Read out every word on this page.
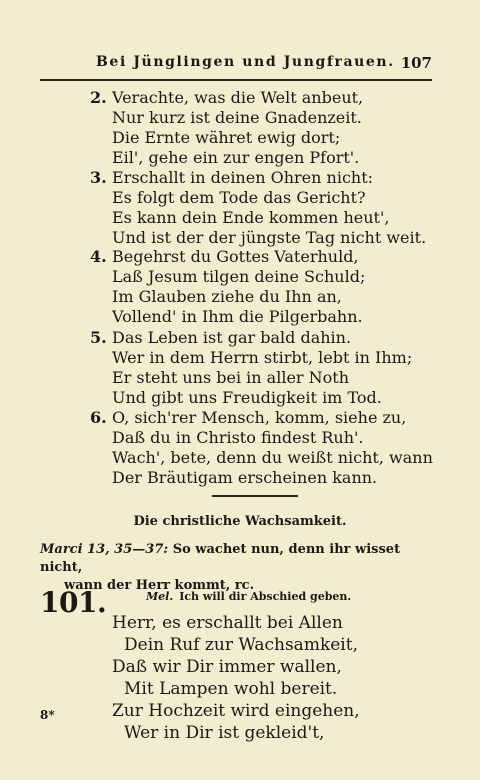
Bei Jünglingen und Jungfrauen. 107
2. Verachte, was die Welt anbeut,
Nur kurz ist deine Gnadenzeit.
Die Ernte währet ewig dort;
Eil', gehe ein zur engen Pfort'.
3. Erschallt in deinen Ohren nicht:
Es folgt dem Tode das Gericht?
Es kann dein Ende kommen heut',
Und ist der der jüngste Tag nicht weit.
4. Begehrst du Gottes Vaterhuld,
Laß Jesum tilgen deine Schuld;
Im Glauben ziehe du Ihn an,
Vollend' in Ihm die Pilgerbahn.
5. Das Leben ist gar bald dahin.
Wer in dem Herrn stirbt, lebt in Ihm;
Er steht uns bei in aller Noth
Und gibt uns Freudigkeit im Tod.
6. O, sich'rer Mensch, komm, siehe zu,
Daß du in Christo findest Ruh'.
Wach', bete, denn du weißt nicht, wann
Der Bräutigam erscheinen kann.
Die christliche Wachsamkeit.
Marci 13, 35—37: So wachet nun, denn ihr wisset nicht,
wann der Herr kommt, rc.
101.	Mel. Ich will dir Abschied geben.
Herr, es erschallt bei Allen
Dein Ruf zur Wachsamkeit,
Daß wir Dir immer wallen,
Mit Lampen wohl bereit.
Zur Hochzeit wird eingehen,
Wer in Dir ist gekleid't,
8*
